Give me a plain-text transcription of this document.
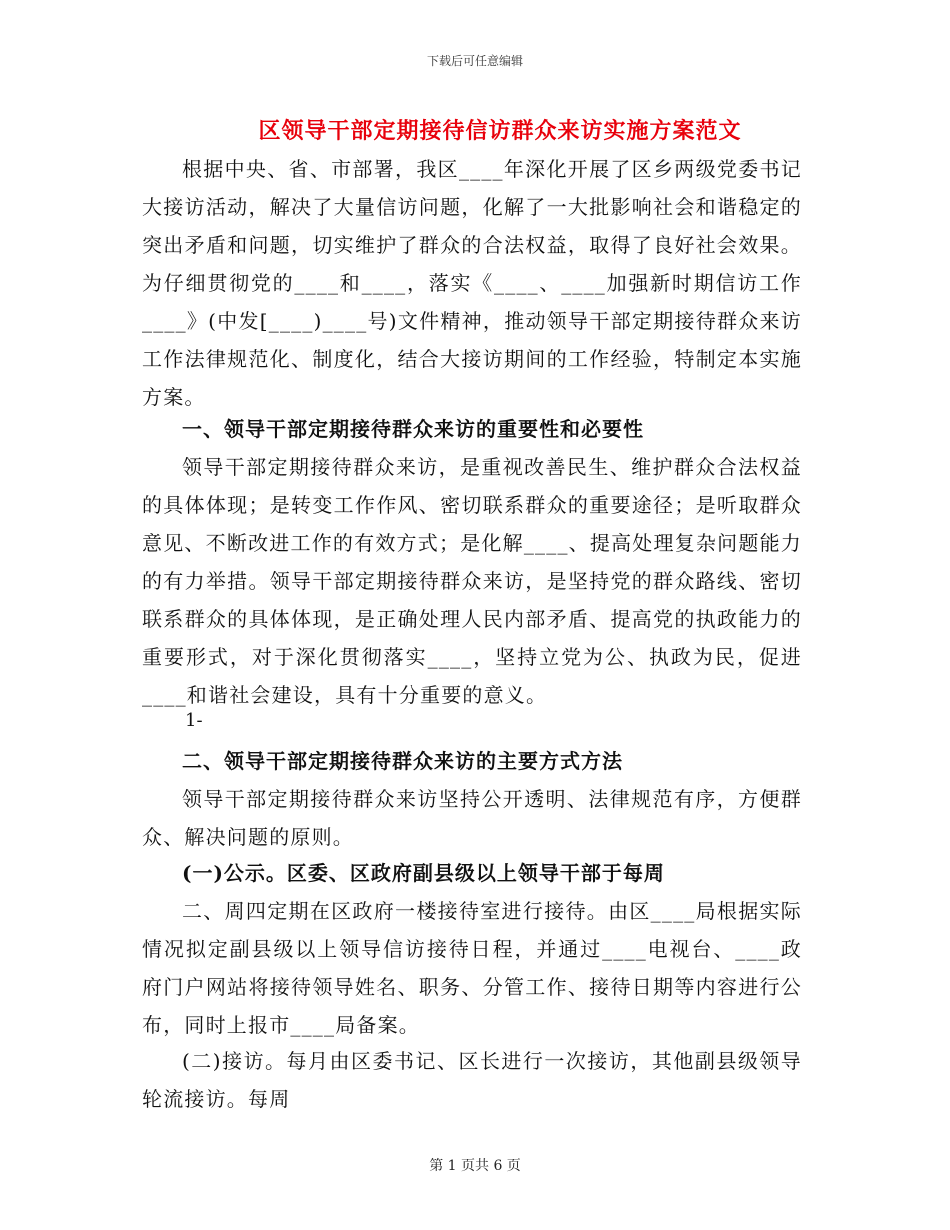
下载后可任意编辑
区领导干部定期接待信访群众来访实施方案范文

根据中央、省、市部署，我区____年深化开展了区乡两级党委书记大接访活动，解决了大量信访问题，化解了一大批影响社会和谐稳定的突出矛盾和问题，切实维护了群众的合法权益，取得了良好社会效果。为仔细贯彻党的____和____，落实《____、____加强新时期信访工作____》(中发[____)____号)文件精神，推动领导干部定期接待群众来访工作法律规范化、制度化，结合大接访期间的工作经验，特制定本实施方案。

一、领导干部定期接待群众来访的重要性和必要性

领导干部定期接待群众来访，是重视改善民生、维护群众合法权益的具体体现；是转变工作作风、密切联系群众的重要途径；是听取群众意见、不断改进工作的有效方式；是化解____、提高处理复杂问题能力的有力举措。领导干部定期接待群众来访，是坚持党的群众路线、密切联系群众的具体体现，是正确处理人民内部矛盾、提高党的执政能力的重要形式，对于深化贯彻落实____，坚持立党为公、执政为民，促进____和谐社会建设，具有十分重要的意义。

1-
二、领导干部定期接待群众来访的主要方式方法

领导干部定期接待群众来访坚持公开透明、法律规范有序，方便群众、解决问题的原则。

(一)公示。区委、区政府副县级以上领导干部于每周

二、周四定期在区政府一楼接待室进行接待。由区____局根据实际情况拟定副县级以上领导信访接待日程，并通过____电视台、____政府门户网站将接待领导姓名、职务、分管工作、接待日期等内容进行公布，同时上报市____局备案。

(二)接访。每月由区委书记、区长进行一次接访，其他副县级领导轮流接访。每周

第 1 页共 6 页
